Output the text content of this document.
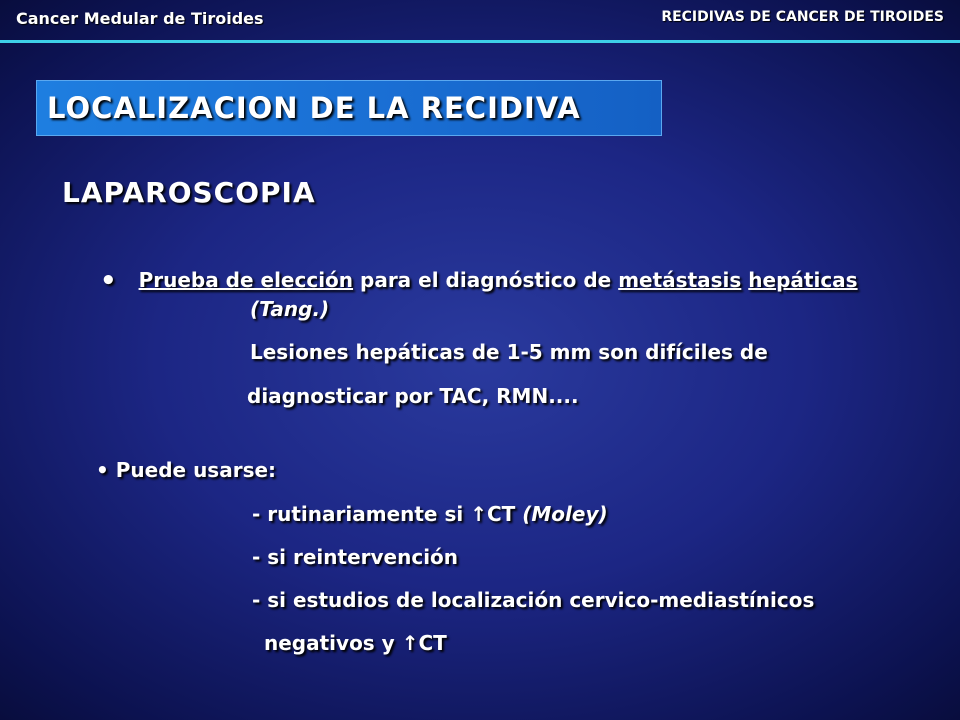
Cancer Medular de Tiroides	RECIDIVAS DE CANCER DE TIROIDES
LOCALIZACION DE LA RECIDIVA
LAPAROSCOPIA
• Prueba de elección para el diagnóstico de metástasis hepáticas
(Tang.)
Lesiones hepáticas de 1-5 mm son difíciles de
diagnosticar por TAC, RMN....
• Puede usarse:
- rutinariamente si ↑CT (Moley)
- si reintervención
- si estudios de localización cervico-mediastínicos
negativos y ↑CT
